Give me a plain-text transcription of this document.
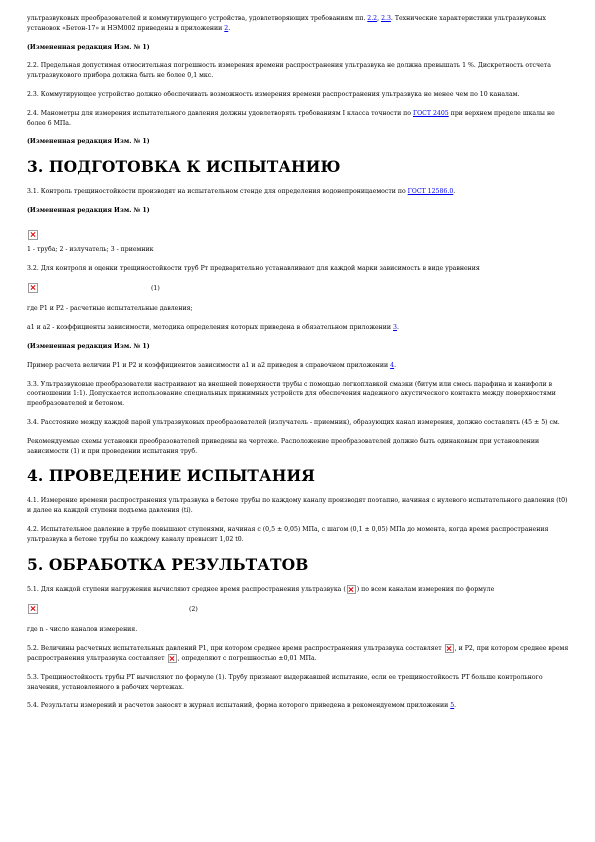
ультразвуковых преобразователей и коммутирующего устройства, удовлетворяющих требованиям пп. 2.2, 2.3. Технические характеристики ультразвуковых установок «Бетон-17» и НЭМ002 приведены в приложении 2.

(Измененная редакция Изм. № 1)

2.2. Предельная допустимая относительная погрешность измерения времени распространения ультразвука не должна превышать 1 %. Дискретность отсчета ультразвукового прибора должна быть не более 0,1 мкс.

2.3. Коммутирующее устройство должно обеспечивать возможность измерения времени распространения ультразвука не менее чем по 10 каналам.

2.4. Манометры для измерения испытательного давления должны удовлетворять требованиям I класса точности по ГОСТ 2405 при верхнем пределе шкалы не более 6 МПа.

(Измененная редакция Изм. № 1)

3. ПОДГОТОВКА К ИСПЫТАНИЮ

3.1. Контроль трещиностойкости производят на испытательном стенде для определения водонепроницаемости по ГОСТ 12586.0.

(Измененная редакция Изм. № 1)

1 - труба; 2 - излучатель; 3 - приемник

3.2. Для контроля и оценки трещиностойкости труб Pт предварительно устанавливают для каждой марки зависимость в виде уравнения

(1)

где P1 и P2 - расчетные испытательные давления;

a1 и a2 - коэффициенты зависимости, методика определения которых приведена в обязательном приложении 3.

(Измененная редакция Изм. № 1)

Пример расчета величин P1 и P2 и коэффициентов зависимости a1 и a2 приведен в справочном приложении 4.

3.3. Ультразвуковые преобразователи настраивают на внешней поверхности трубы с помощью легкоплавкой смазки (битум или смесь парафина и канифоли в соотношении 1:1). Допускается использование специальных прижимных устройств для обеспечения надежного акустического контакта между поверхностями преобразователей и бетоном.

3.4. Расстояние между каждой парой ультразвуковых преобразователей (излучатель - приемник), образующих канал измерения, должно составлять (45 ± 5) см.

Рекомендуемые схемы установки преобразователей приведены на чертеже. Расположение преобразователей должно быть одинаковым при установлении зависимости (1) и при проведении испытания труб.

4. ПРОВЕДЕНИЕ ИСПЫТАНИЯ

4.1. Измерение времени распространения ультразвука в бетоне трубы по каждому каналу производят поэтапно, начиная с нулевого испытательного давления (t0) и далее на каждой ступени подъема давления (ti).

4.2. Испытательное давление в трубе повышают ступенями, начиная с (0,5 ± 0,05) МПа, с шагом (0,1 ± 0,05) МПа до момента, когда время распространения ультразвука в бетоне трубы по каждому каналу превысит 1,02 t0.

5. ОБРАБОТКА РЕЗУЛЬТАТОВ

5.1. Для каждой ступени нагружения вычисляют среднее время распространения ультразвука ( ) по всем каналам измерения по формуле

(2)

где n - число каналов измерения.

5.2. Величины расчетных испытательных давлений P1, при котором среднее время распространения ультразвука составляет , и P2, при котором среднее время распространения ультразвука составляет , определяют с погрешностью ±0,01 МПа.

5.3. Трещиностойкость трубы PТ вычисляют по формуле (1). Трубу признают выдержавшей испытание, если ее трещиностойкость PТ больше контрольного значения, установленного в рабочих чертежах.

5.4. Результаты измерений и расчетов заносят в журнал испытаний, форма которого приведена в рекомендуемом приложении 5.
